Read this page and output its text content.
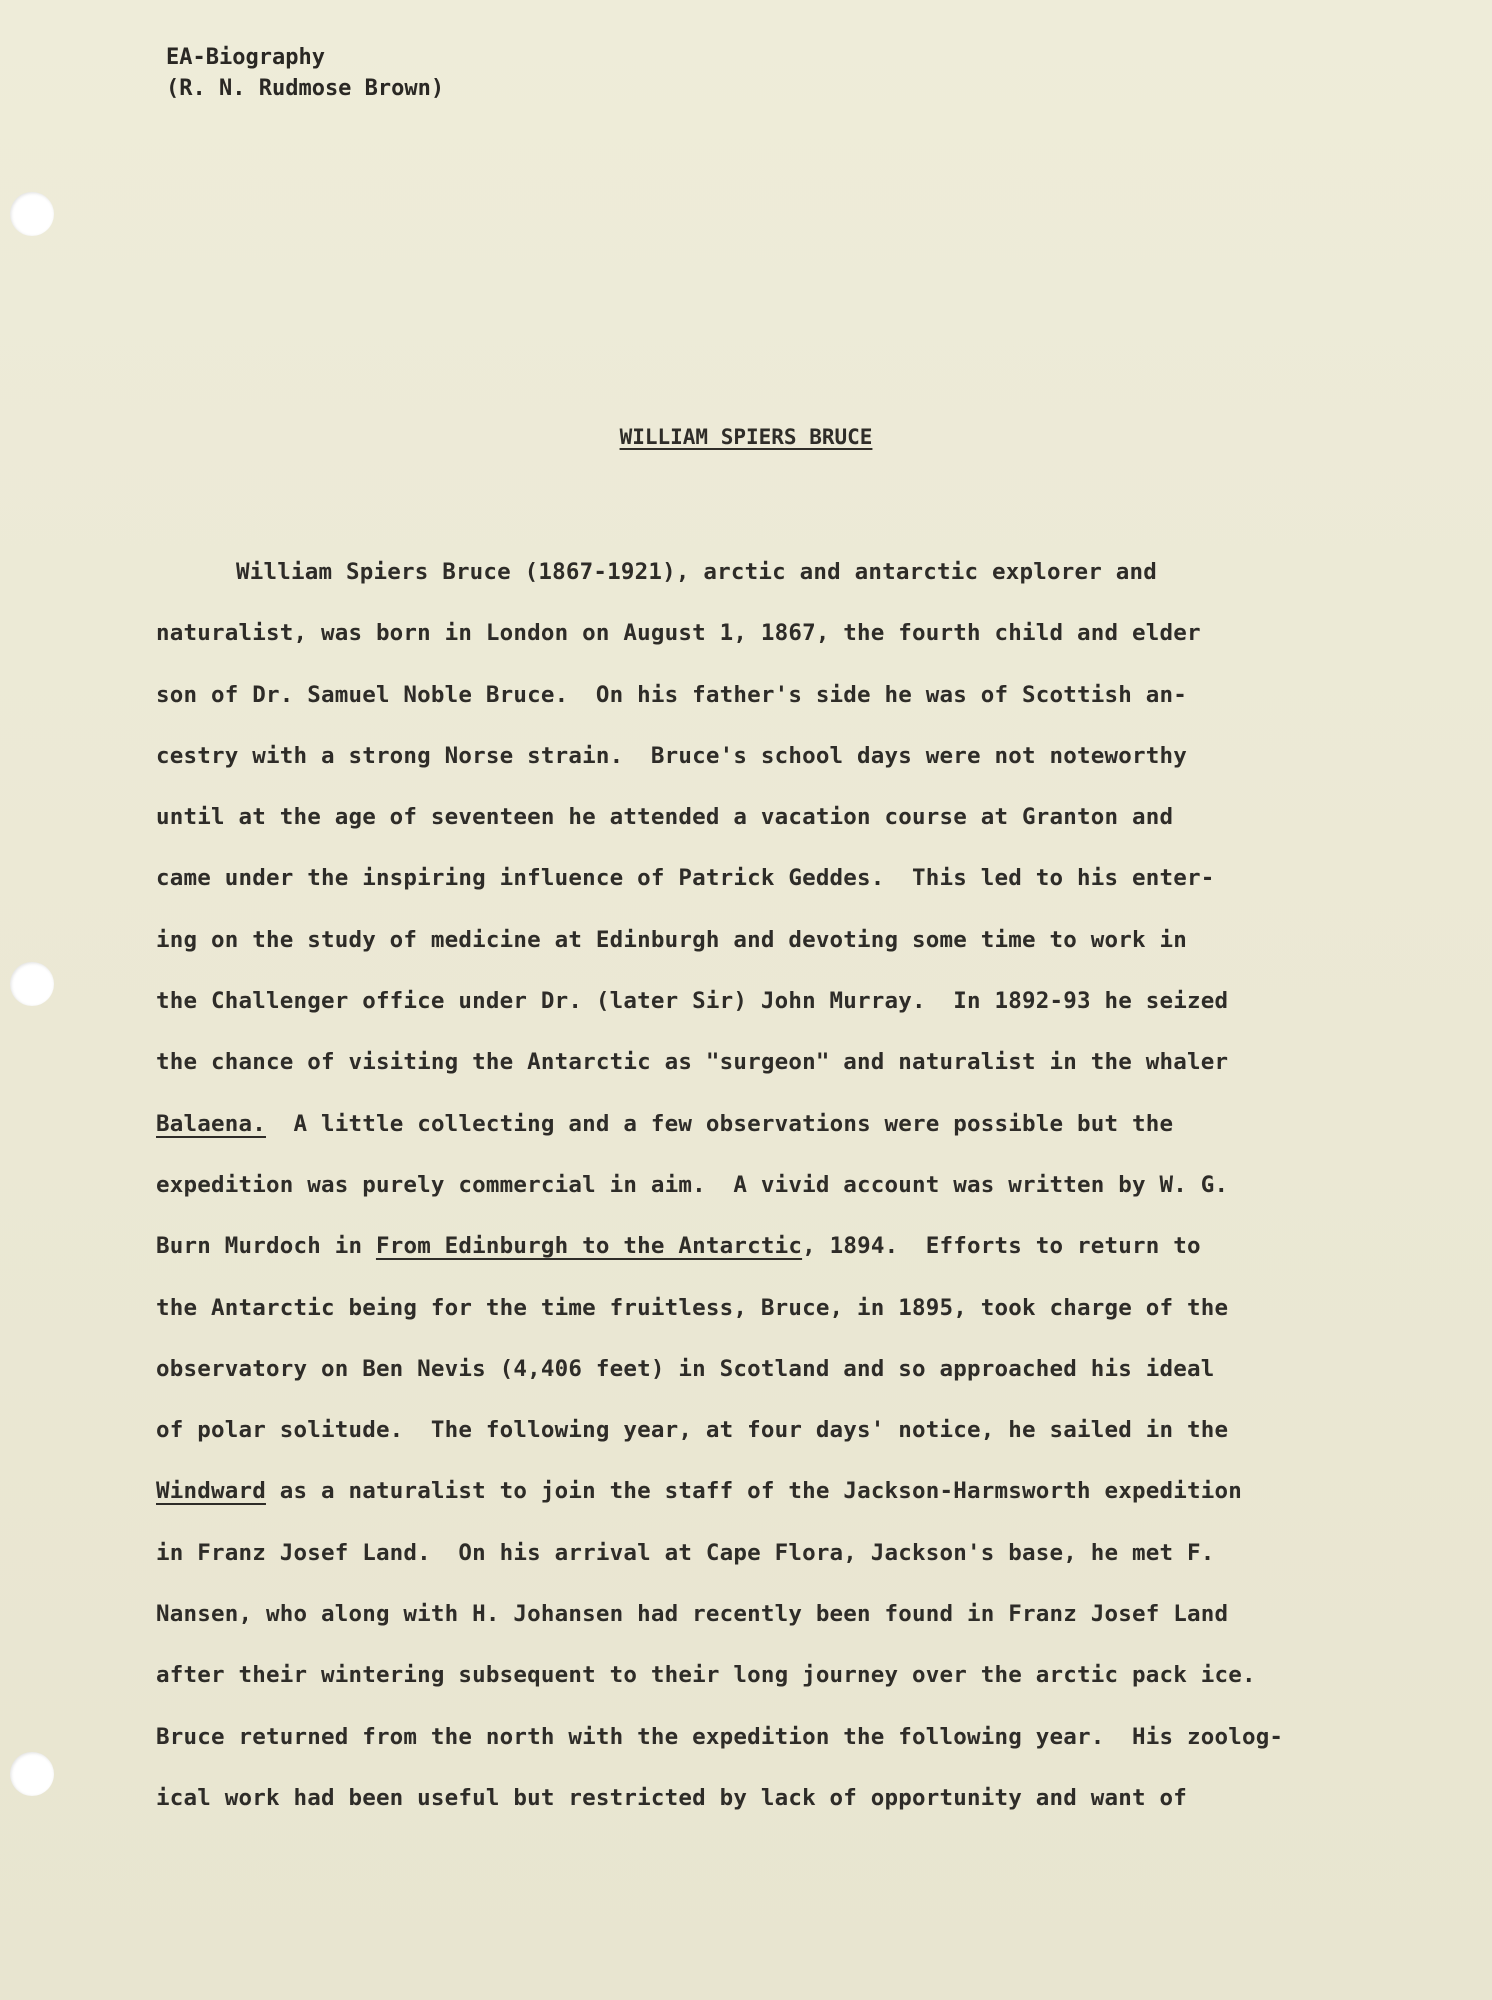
EA-Biography
(R. N. Rudmose Brown)
WILLIAM SPIERS BRUCE
William Spiers Bruce (1867-1921), arctic and antarctic explorer and
naturalist, was born in London on August 1, 1867, the fourth child and elder
son of Dr. Samuel Noble Bruce.  On his father's side he was of Scottish an-
cestry with a strong Norse strain.  Bruce's school days were not noteworthy
until at the age of seventeen he attended a vacation course at Granton and
came under the inspiring influence of Patrick Geddes.  This led to his enter-
ing on the study of medicine at Edinburgh and devoting some time to work in
the Challenger office under Dr. (later Sir) John Murray.  In 1892-93 he seized
the chance of visiting the Antarctic as "surgeon" and naturalist in the whaler
Balaena.  A little collecting and a few observations were possible but the
expedition was purely commercial in aim.  A vivid account was written by W. G.
Burn Murdoch in From Edinburgh to the Antarctic, 1894.  Efforts to return to
the Antarctic being for the time fruitless, Bruce, in 1895, took charge of the
observatory on Ben Nevis (4,406 feet) in Scotland and so approached his ideal
of polar solitude.  The following year, at four days' notice, he sailed in the
Windward as a naturalist to join the staff of the Jackson-Harmsworth expedition
in Franz Josef Land.  On his arrival at Cape Flora, Jackson's base, he met F.
Nansen, who along with H. Johansen had recently been found in Franz Josef Land
after their wintering subsequent to their long journey over the arctic pack ice.
Bruce returned from the north with the expedition the following year.  His zoolog-
ical work had been useful but restricted by lack of opportunity and want of
